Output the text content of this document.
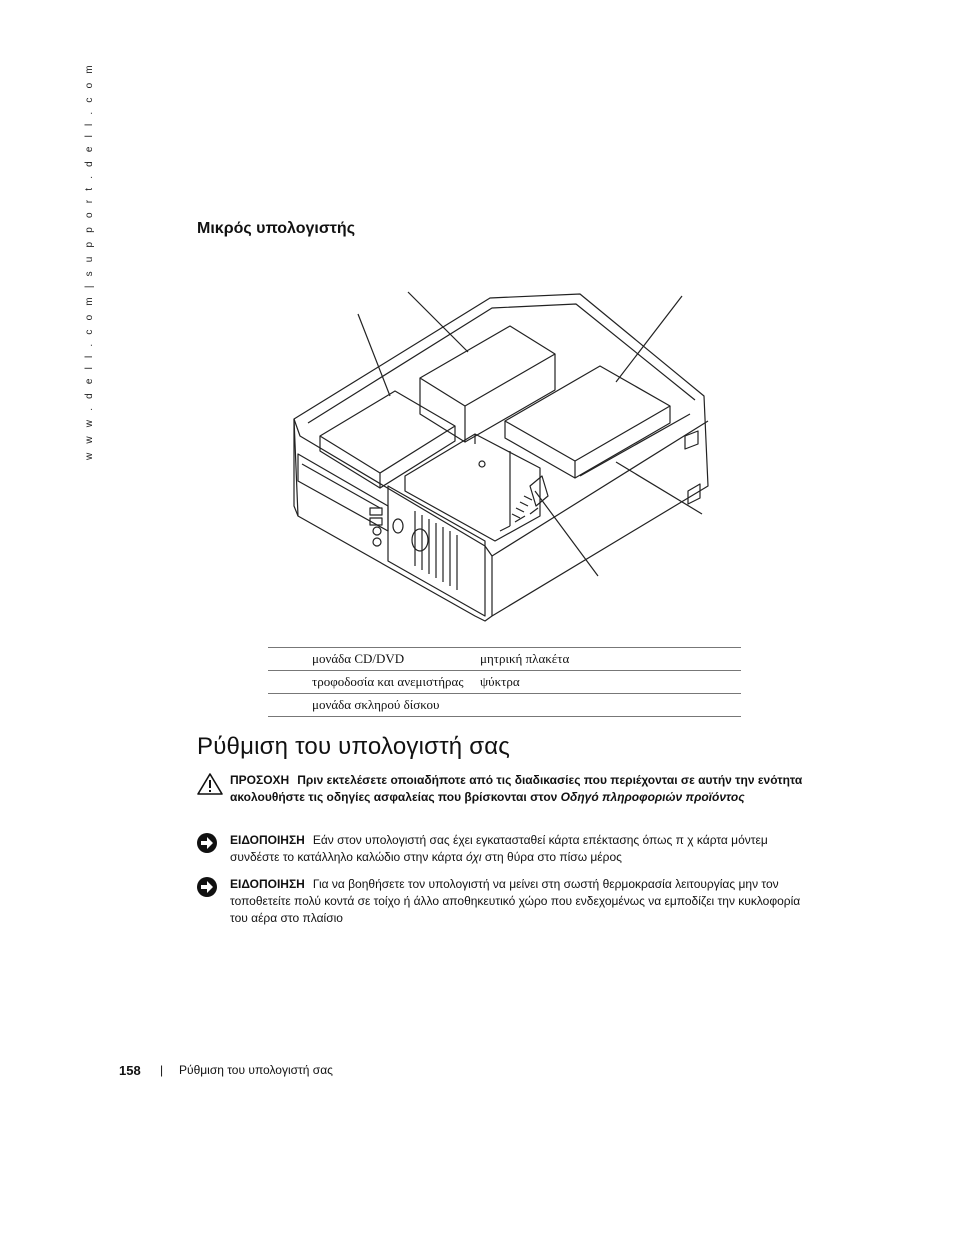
w w w . d e l l . c o m | s u p p o r t . d e l l . c o m	Μικρός υπολογιστής
μονάδα CD/DVD	μητρική πλακέτα
τροφοδοσία και ανεμιστήρας	ψύκτρα
μονάδα σκληρού δίσκου	
Ρύθμιση του υπολογιστή σας
ΠΡΟΣΟΧΗ Πριν εκτελέσετε οποιαδήποτε από τις διαδικασίες που περιέχονται σε αυτήν την ενότητα ακολουθήστε τις οδηγίες ασφαλείας που βρίσκονται στον Οδηγό πληροφοριών προϊόντος
ΕΙΔΟΠΟΙΗΣΗ Εάν στον υπολογιστή σας έχει εγκατασταθεί κάρτα επέκτασης όπως π χ κάρτα μόντεμ συνδέστε το κατάλληλο καλώδιο στην κάρτα όχι στη θύρα στο πίσω μέρος
ΕΙΔΟΠΟΙΗΣΗ Για να βοηθήσετε τον υπολογιστή να μείνει στη σωστή θερμοκρασία λειτουργίας μην τον τοποθετείτε πολύ κοντά σε τοίχο ή άλλο αποθηκευτικό χώρο που ενδεχομένως να εμποδίζει την κυκλοφορία του αέρα στο πλαίσιο
158 | Ρύθμιση του υπολογιστή σας
